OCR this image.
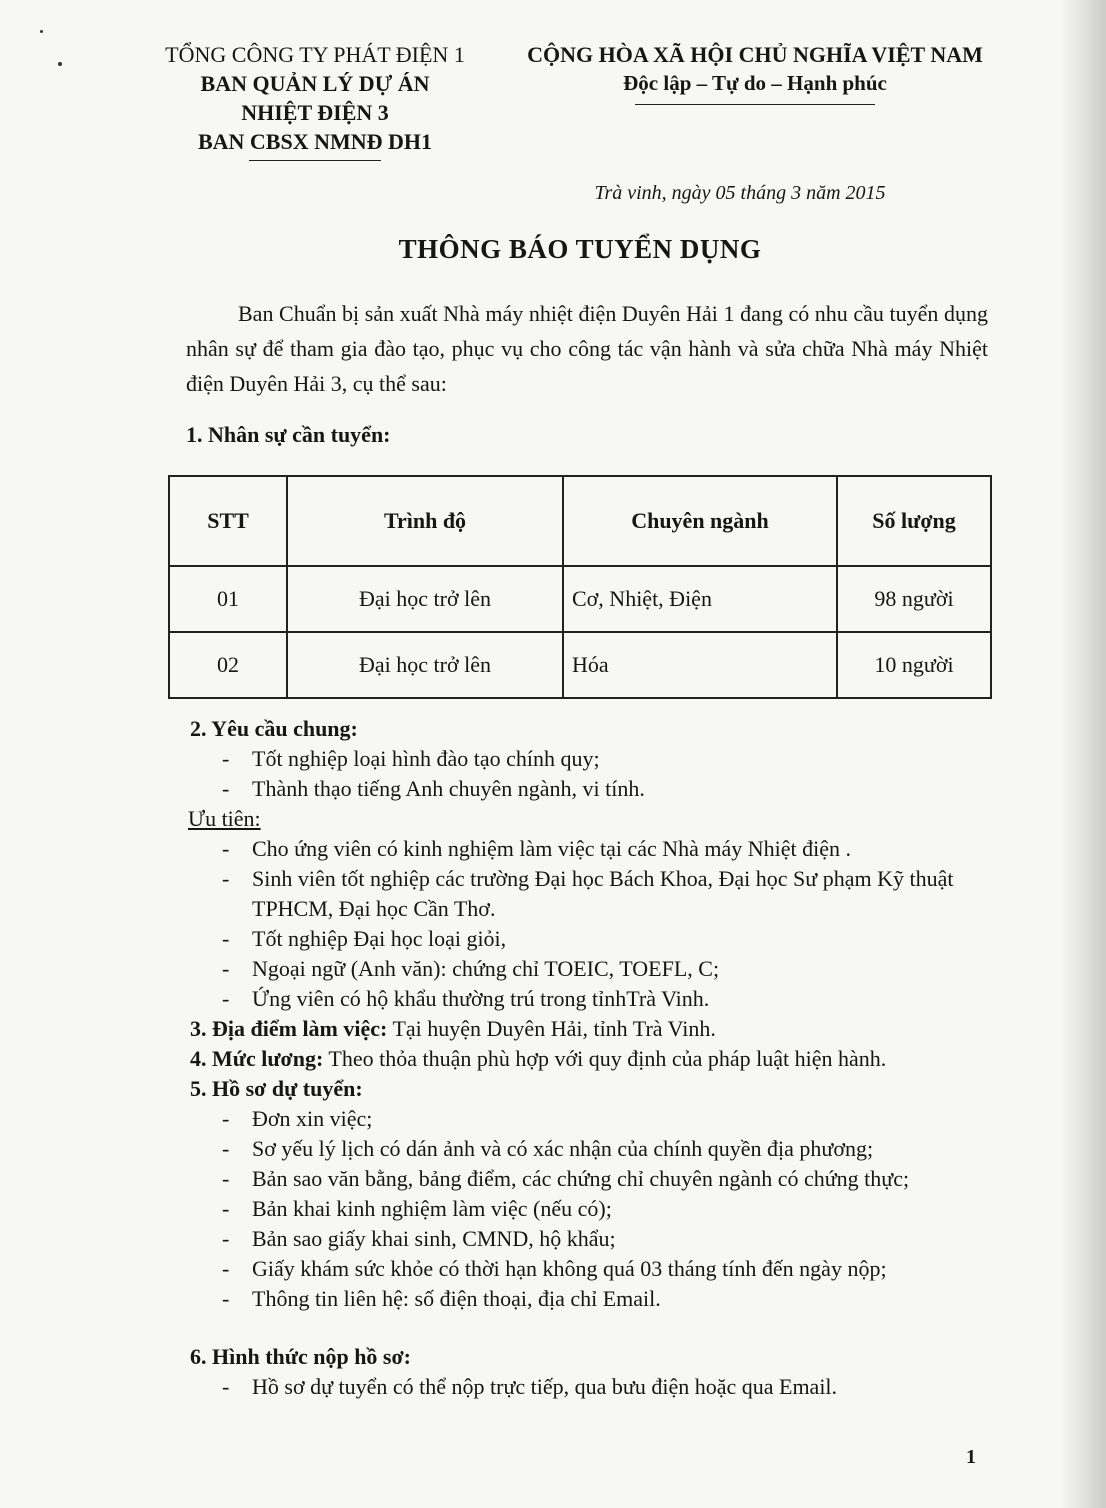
TỔNG CÔNG TY PHÁT ĐIỆN 1
BAN QUẢN LÝ DỰ ÁN
NHIỆT ĐIỆN 3
BAN CBSX NMNĐ DH1
CỘNG HÒA XÃ HỘI CHỦ NGHĨA VIỆT NAM
Độc lập – Tự do – Hạnh phúc
Trà vinh, ngày 05 tháng 3 năm 2015
THÔNG BÁO TUYỂN DỤNG
Ban Chuẩn bị sản xuất Nhà máy nhiệt điện Duyên Hải 1 đang có nhu cầu tuyển dụng nhân sự để tham gia đào tạo, phục vụ cho công tác vận hành và sửa chữa Nhà máy Nhiệt điện Duyên Hải 3, cụ thể sau:
1. Nhân sự cần tuyển:
STT	Trình độ	Chuyên ngành	Số lượng
01	Đại học trở lên	Cơ, Nhiệt, Điện	98 người
02	Đại học trở lên	Hóa	10 người
2. Yêu cầu chung:
- Tốt nghiệp loại hình đào tạo chính quy;
- Thành thạo tiếng Anh chuyên ngành, vi tính.
Ưu tiên:
- Cho ứng viên có kinh nghiệm làm việc tại các Nhà máy Nhiệt điện .
- Sinh viên tốt nghiệp các trường Đại học Bách Khoa, Đại học Sư phạm Kỹ thuật TPHCM, Đại học Cần Thơ.
- Tốt nghiệp Đại học loại giỏi,
- Ngoại ngữ (Anh văn): chứng chỉ TOEIC, TOEFL, C;
- Ứng viên có hộ khẩu thường trú trong tỉnhTrà Vinh.
3. Địa điểm làm việc: Tại huyện Duyên Hải, tỉnh Trà Vinh.
4. Mức lương: Theo thỏa thuận phù hợp với quy định của pháp luật hiện hành.
5. Hồ sơ dự tuyển:
- Đơn xin việc;
- Sơ yếu lý lịch có dán ảnh và có xác nhận của chính quyền địa phương;
- Bản sao văn bằng, bảng điểm, các chứng chỉ chuyên ngành có chứng thực;
- Bản khai kinh nghiệm làm việc (nếu có);
- Bản sao giấy khai sinh, CMND, hộ khẩu;
- Giấy khám sức khỏe có thời hạn không quá 03 tháng tính đến ngày nộp;
- Thông tin liên hệ: số điện thoại, địa chỉ Email.
6. Hình thức nộp hồ sơ:
- Hồ sơ dự tuyển có thể nộp trực tiếp, qua bưu điện hoặc qua Email.
1
